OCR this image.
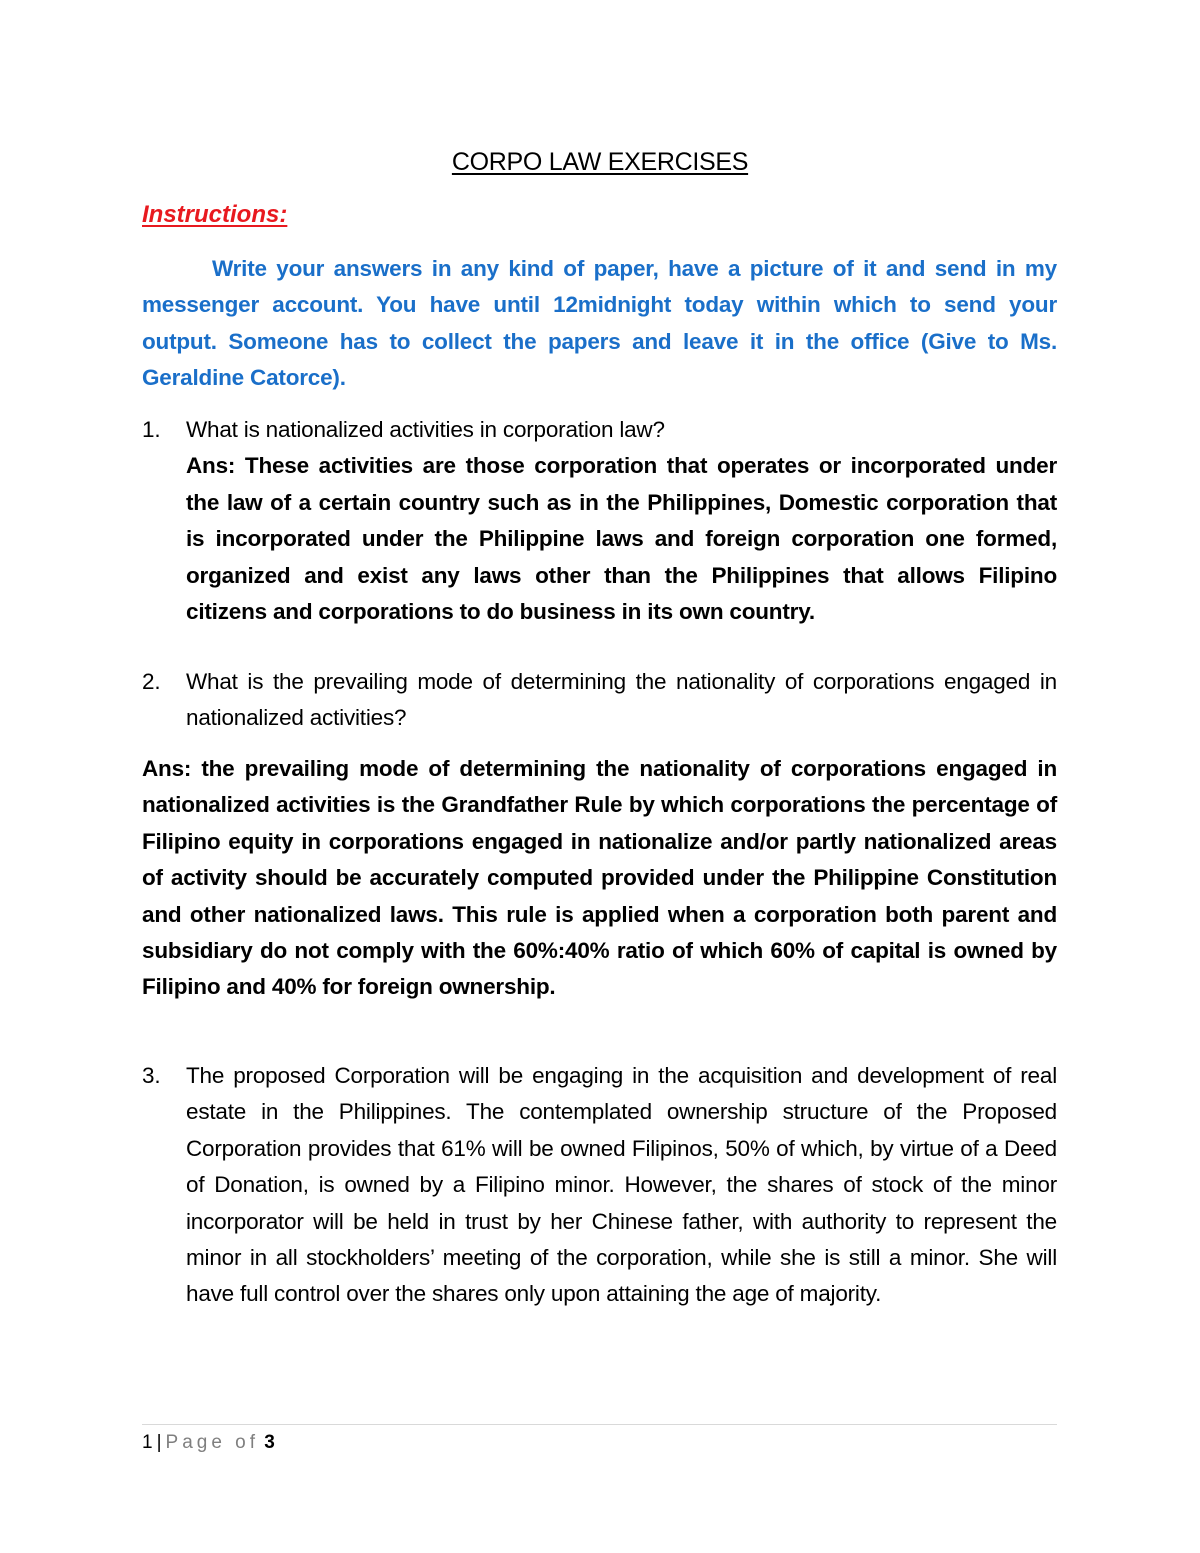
CORPO LAW EXERCISES
Instructions:
Write your answers in any kind of paper, have a picture of it and send in my messenger account. You have until 12midnight today within which to send your output. Someone has to collect the papers and leave it in the office (Give to Ms. Geraldine Catorce).
1.	What is nationalized activities in corporation law?
Ans: These activities are those corporation that operates or incorporated under the law of a certain country such as in the Philippines, Domestic corporation that is incorporated under the Philippine laws and foreign corporation one formed, organized and exist any laws other than the Philippines that allows Filipino citizens and corporations to do business in its own country.
2.	What is the prevailing mode of determining the nationality of corporations engaged in nationalized activities?
Ans: the prevailing mode of determining the nationality of corporations engaged in nationalized activities is the Grandfather Rule by which corporations the percentage of Filipino equity in corporations engaged in nationalize and/or partly nationalized areas of activity should be accurately computed provided under the Philippine Constitution and other nationalized laws. This rule is applied when a corporation both parent and subsidiary do not comply with the 60%:40% ratio of which 60% of capital is owned by Filipino and 40% for foreign ownership.
3.	The proposed Corporation will be engaging in the acquisition and development of real estate in the Philippines. The contemplated ownership structure of the Proposed Corporation provides that 61% will be owned Filipinos, 50% of which, by virtue of a Deed of Donation, is owned by a Filipino minor. However, the shares of stock of the minor incorporator will be held in trust by her Chinese father, with authority to represent the minor in all stockholders’ meeting of the corporation, while she is still a minor. She will have full control over the shares only upon attaining the age of majority.
1 | Page of 3
